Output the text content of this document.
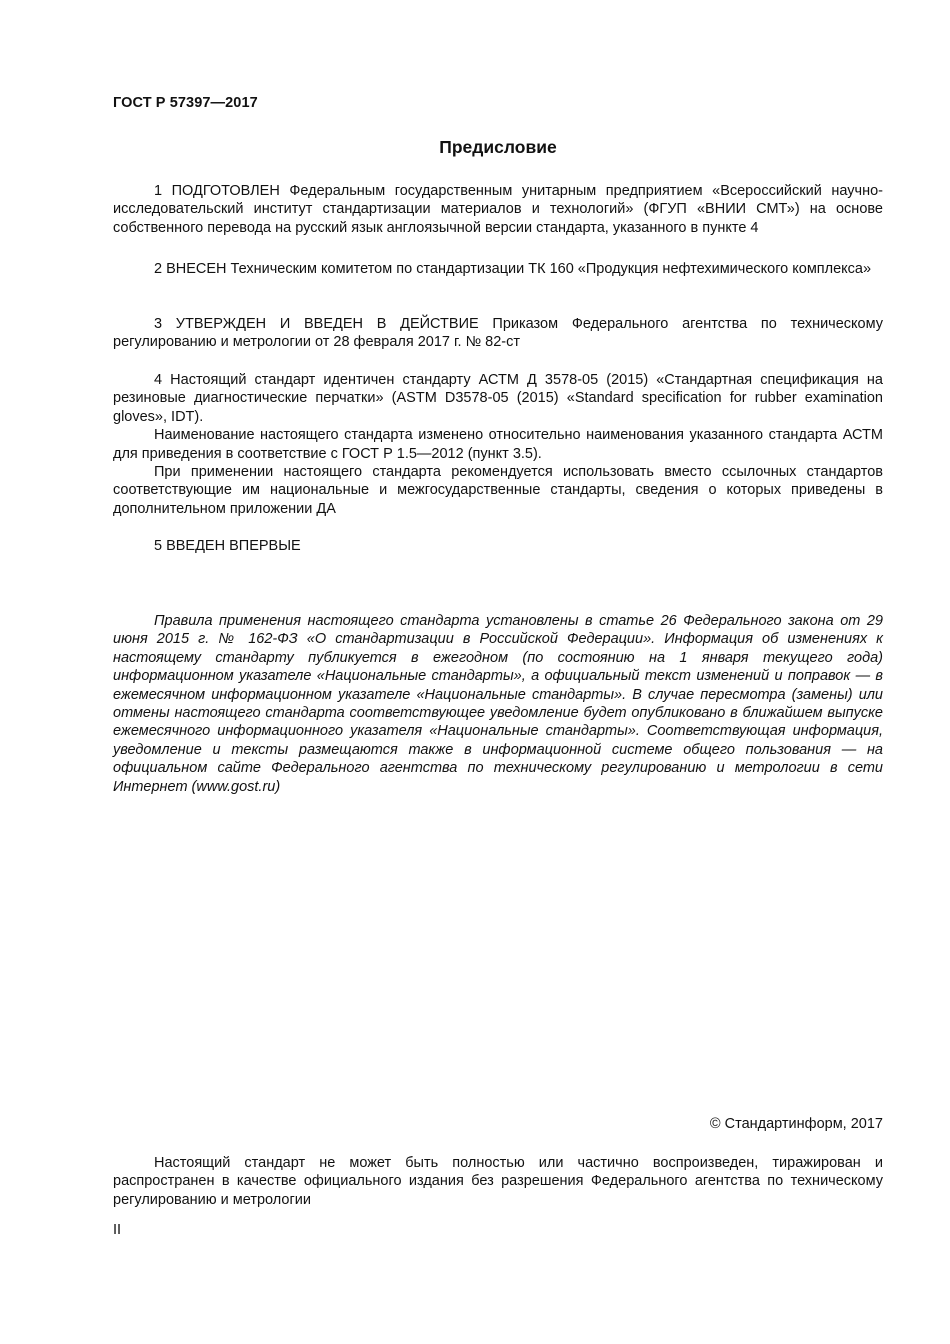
ГОСТ Р 57397—2017
Предисловие

1 ПОДГОТОВЛЕН Федеральным государственным унитарным предприятием «Всероссийский научно-исследовательский институт стандартизации материалов и технологий» (ФГУП «ВНИИ СМТ») на основе собственного перевода на русский язык англоязычной версии стандарта, указанного в пункте 4

2 ВНЕСЕН Техническим комитетом по стандартизации ТК 160 «Продукция нефтехимического комплекса»

3 УТВЕРЖДЕН И ВВЕДЕН В ДЕЙСТВИЕ Приказом Федерального агентства по техническому регулированию и метрологии от 28 февраля 2017 г. № 82-ст

4 Настоящий стандарт идентичен стандарту АСТМ Д 3578-05 (2015) «Стандартная спецификация на резиновые диагностические перчатки» (ASTM D3578-05 (2015) «Standard specification for rubber examination gloves», IDT).

Наименование настоящего стандарта изменено относительно наименования указанного стандарта АСТМ для приведения в соответствие с ГОСТ Р 1.5—2012 (пункт 3.5).

При применении настоящего стандарта рекомендуется использовать вместо ссылочных стандартов соответствующие им национальные и межгосударственные стандарты, сведения о которых приведены в дополнительном приложении ДА

5 ВВЕДЕН ВПЕРВЫЕ

Правила применения настоящего стандарта установлены в статье 26 Федерального закона от 29 июня 2015 г. № 162-ФЗ «О стандартизации в Российской Федерации». Информация об изменениях к настоящему стандарту публикуется в ежегодном (по состоянию на 1 января текущего года) информационном указателе «Национальные стандарты», а официальный текст изменений и поправок — в ежемесячном информационном указателе «Национальные стандарты». В случае пересмотра (замены) или отмены настоящего стандарта соответствующее уведомление будет опубликовано в ближайшем выпуске ежемесячного информационного указателя «Национальные стандарты». Соответствующая информация, уведомление и тексты размещаются также в информационной системе общего пользования — на официальном сайте Федерального агентства по техническому регулированию и метрологии в сети Интернет (www.gost.ru)

© Стандартинформ, 2017

Настоящий стандарт не может быть полностью или частично воспроизведен, тиражирован и распространен в качестве официального издания без разрешения Федерального агентства по техническому регулированию и метрологии

II
